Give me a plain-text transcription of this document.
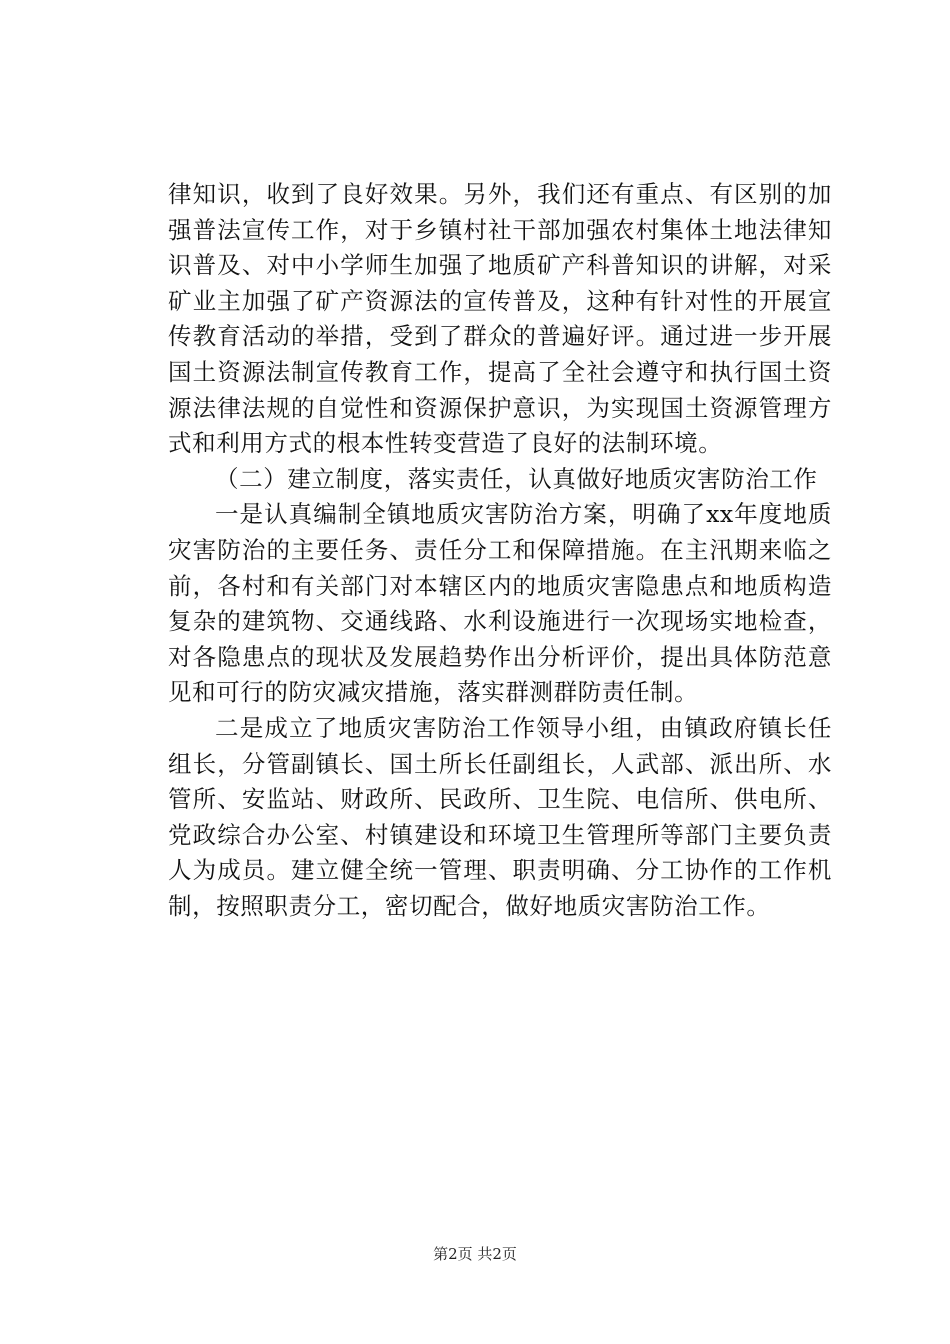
律知识，收到了良好效果。另外，我们还有重点、有区别的加强普法宣传工作，对于乡镇村社干部加强农村集体土地法律知识普及、对中小学师生加强了地质矿产科普知识的讲解，对采矿业主加强了矿产资源法的宣传普及，这种有针对性的开展宣传教育活动的举措，受到了群众的普遍好评。通过进一步开展国土资源法制宣传教育工作，提高了全社会遵守和执行国土资源法律法规的自觉性和资源保护意识，为实现国土资源管理方式和利用方式的根本性转变营造了良好的法制环境。

（二）建立制度，落实责任，认真做好地质灾害防治工作

一是认真编制全镇地质灾害防治方案，明确了xx年度地质灾害防治的主要任务、责任分工和保障措施。在主汛期来临之前，各村和有关部门对本辖区内的地质灾害隐患点和地质构造复杂的建筑物、交通线路、水利设施进行一次现场实地检查，对各隐患点的现状及发展趋势作出分析评价，提出具体防范意见和可行的防灾减灾措施，落实群测群防责任制。

二是成立了地质灾害防治工作领导小组，由镇政府镇长任组长，分管副镇长、国土所长任副组长，人武部、派出所、水管所、安监站、财政所、民政所、卫生院、电信所、供电所、党政综合办公室、村镇建设和环境卫生管理所等部门主要负责人为成员。建立健全统一管理、职责明确、分工协作的工作机制，按照职责分工，密切配合，做好地质灾害防治工作。

第2页 共2页
